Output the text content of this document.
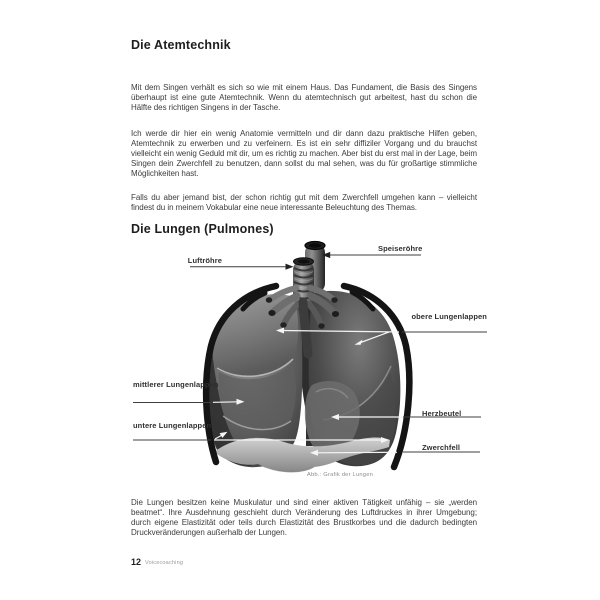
Die Atemtechnik
Mit dem Singen verhält es sich so wie mit einem Haus. Das Fundament, die Basis des Singens überhaupt ist eine gute Atemtechnik. Wenn du atemtechnisch gut arbeitest, hast du schon die Hälfte des richtigen Singens in der Tasche.
Ich werde dir hier ein wenig Anatomie vermitteln und dir dann dazu praktische Hilfen geben, Atemtechnik zu erwerben und zu verfeinern. Es ist ein sehr diffiziler Vorgang und du brauchst vielleicht ein wenig Geduld mit dir, um es richtig zu machen. Aber bist du erst mal in der Lage, beim Singen dein Zwerchfell zu benutzen, dann sollst du mal sehen, was du für großartige stimmliche Möglichkeiten hast.
Falls du aber jemand bist, der schon richtig gut mit dem Zwerchfell umgehen kann – vielleicht findest du in meinem Vokabular eine neue interessante Beleuchtung des Themas.
Die Lungen (Pulmones)
Luftröhre
Speiseröhre
obere Lungenlappen
mittlerer Lungenlappen
untere Lungenlappen
Herzbeutel
Zwerchfell
Abb.: Grafik der Lungen
Die Lungen besitzen keine Muskulatur und sind einer aktiven Tätigkeit unfähig – sie „werden beatmet“. Ihre Ausdehnung geschieht durch Veränderung des Luftdruckes in ihrer Umgebung; durch eigene Elastizität oder teils durch Elastizität des Brustkorbes und die dadurch bedingten Druckveränderungen außerhalb der Lungen.
$^{12}$ $^{Voicecoaching}$
